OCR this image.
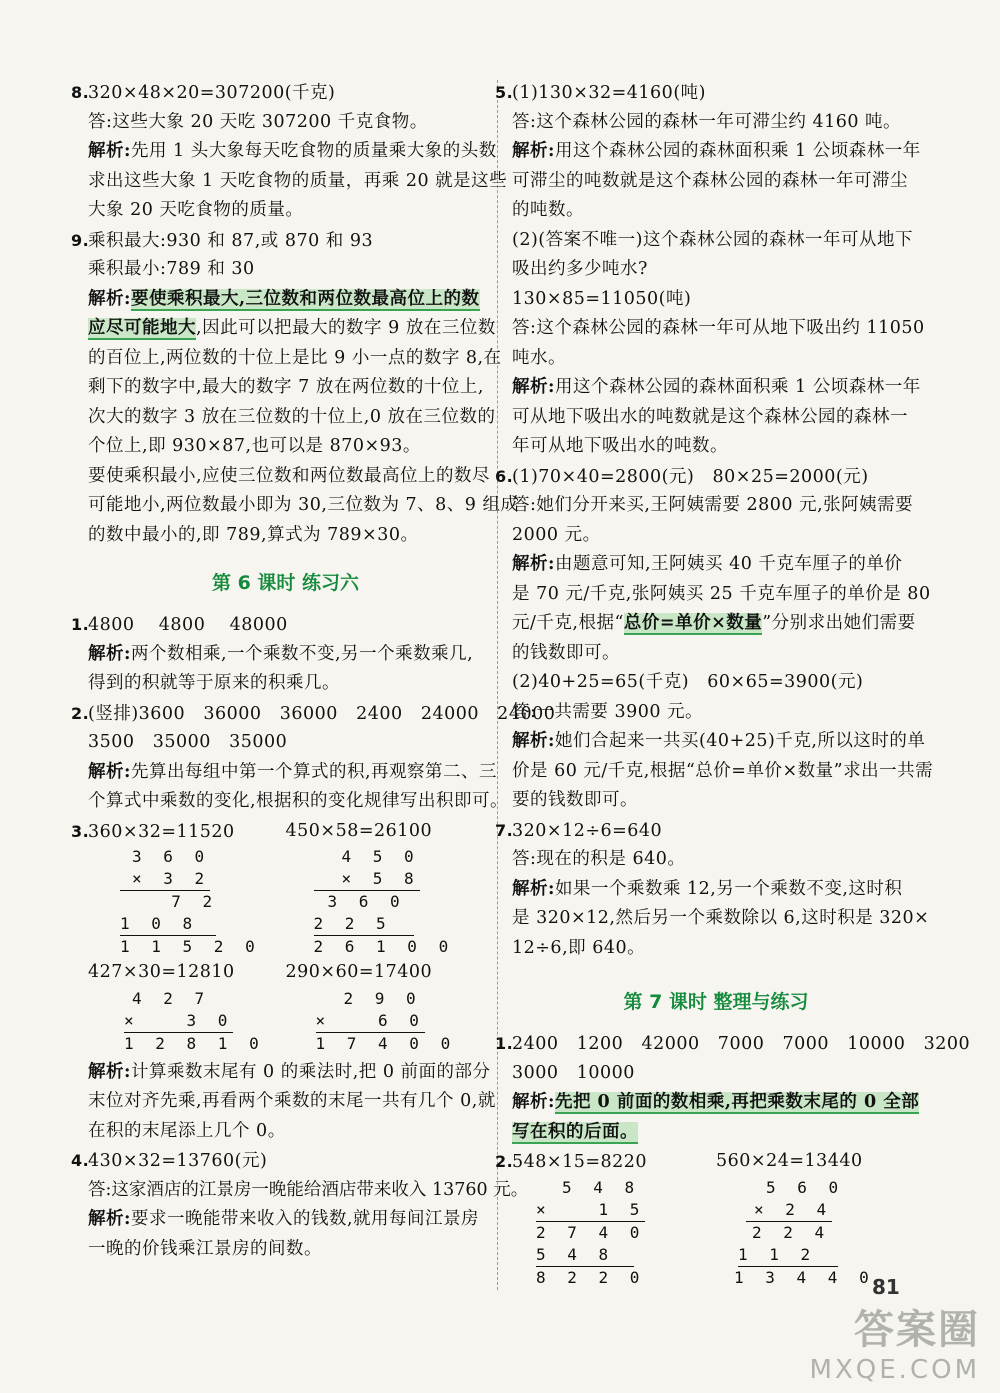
8.320×48×20=307200(千克)
答:这些大象 20 天吃 307200 千克食物。
解析:先用 1 头大象每天吃食物的质量乘大象的头数
求出这些大象 1 天吃食物的质量，再乘 20 就是这些
大象 20 天吃食物的质量。
9.乘积最大:930 和 87,或 870 和 93
乘积最小:789 和 30
解析:要使乘积最大,三位数和两位数最高位上的数
应尽可能地大,因此可以把最大的数字 9 放在三位数
的百位上,两位数的十位上是比 9 小一点的数字 8,在
剩下的数字中,最大的数字 7 放在两位数的十位上,
次大的数字 3 放在三位数的十位上,0 放在三位数的
个位上,即 930×87,也可以是 870×93。
要使乘积最小,应使三位数和两位数最高位上的数尽
可能地小,两位数最小即为 30,三位数为 7、8、9 组成
的数中最小的,即 789,算式为 789×30。
第 6 课时 练习六
1.4800    4800    48000
解析:两个数相乘,一个乘数不变,另一个乘数乘几,
得到的积就等于原来的积乘几。
2.(竖排)3600   36000   36000   2400   24000   24000
3500   35000   35000
解析:先算出每组中第一个算式的积,再观察第二、三
个算式中乘数的变化,根据积的变化规律写出积即可。
3.360×32=11520	450×58=26100
3 6 0
× 3 2
7 2
1 0 8
1 1 5 2 0
4 5 0
× 5 8
3 6 0
2 2 5
2 6 1 0 0
427×30=12810	290×60=17400
4 2 7
×   3 0
1 2 8 1 0
2 9 0
×   6 0
1 7 4 0 0
解析:计算乘数末尾有 0 的乘法时,把 0 前面的部分
末位对齐先乘,再看两个乘数的末尾一共有几个 0,就
在积的末尾添上几个 0。
4.430×32=13760(元)
答:这家酒店的江景房一晚能给酒店带来收入 13760 元。
解析:要求一晚能带来收入的钱数,就用每间江景房
一晚的价钱乘江景房的间数。
5.(1)130×32=4160(吨)
答:这个森林公园的森林一年可滞尘约 4160 吨。
解析:用这个森林公园的森林面积乘 1 公顷森林一年
可滞尘的吨数就是这个森林公园的森林一年可滞尘
的吨数。
(2)(答案不唯一)这个森林公园的森林一年可从地下
吸出约多少吨水?
130×85=11050(吨)
答:这个森林公园的森林一年可从地下吸出约 11050
吨水。
解析:用这个森林公园的森林面积乘 1 公顷森林一年
可从地下吸出水的吨数就是这个森林公园的森林一
年可从地下吸出水的吨数。
6.(1)70×40=2800(元)   80×25=2000(元)
答:她们分开来买,王阿姨需要 2800 元,张阿姨需要
2000 元。
解析:由题意可知,王阿姨买 40 千克车厘子的单价
是 70 元/千克,张阿姨买 25 千克车厘子的单价是 80
元/千克,根据“总价=单价×数量”分别求出她们需要
的钱数即可。
(2)40+25=65(千克)   60×65=3900(元)
答:一共需要 3900 元。
解析:她们合起来一共买(40+25)千克,所以这时的单
价是 60 元/千克,根据“总价=单价×数量”求出一共需
要的钱数即可。
7.320×12÷6=640
答:现在的积是 640。
解析:如果一个乘数乘 12,另一个乘数不变,这时积
是 320×12,然后另一个乘数除以 6,这时积是 320×
12÷6,即 640。
第 7 课时 整理与练习
1.2400   1200   42000   7000   7000   10000   3200
3000   10000
解析:先把 0 前面的数相乘,再把乘数末尾的 0 全部
写在积的后面。
2.548×15=8220	560×24=13440
5 4 8
×   1 5
2 7 4 0
5 4 8
8 2 2 0
5 6 0
× 2 4
2 2 4
1 1 2
1 3 4 4 0
81
答案圈
MXQE.COM
